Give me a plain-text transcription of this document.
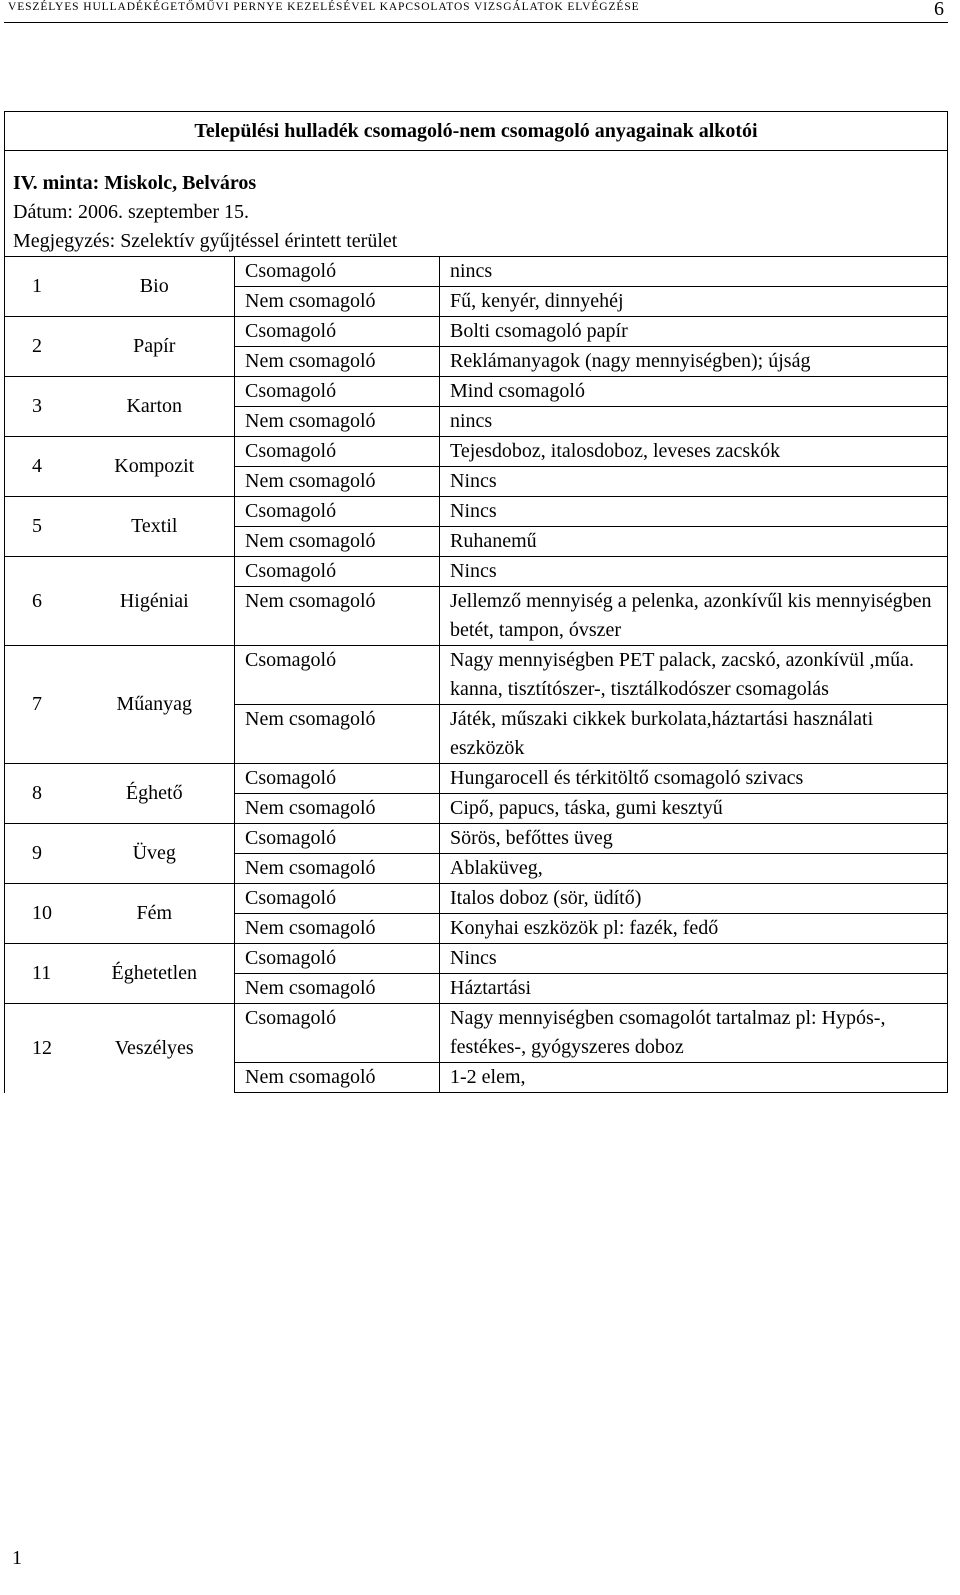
VESZÉLYES HULLADÉKÉGETŐMŰVI PERNYE KEZELÉSÉVEL KAPCSOLATOS VIZSGÁLATOK ELVÉGZÉSE	6
Települési hulladék csomagoló-nem csomagoló anyagainak alkotói			
IV. minta: Miskolc, Belváros			
Dátum: 2006. szeptember 15.			
Megjegyzés: Szelektív gyűjtéssel érintett terület			
1	Bio	Csomagoló	nincs
		Nem csomagoló	Fű, kenyér, dinnyehéj
2	Papír	Csomagoló	Bolti csomagoló papír
		Nem csomagoló	Reklámanyagok (nagy mennyiségben); újság
3	Karton	Csomagoló	Mind csomagoló
		Nem csomagoló	nincs
4	Kompozit	Csomagoló	Tejesdoboz, italosdoboz, leveses zacskók
		Nem csomagoló	Nincs
5	Textil	Csomagoló	Nincs
		Nem csomagoló	Ruhanemű
6	Higéniai	Csomagoló	Nincs
		Nem csomagoló	Jellemző mennyiség a pelenka, azonkívűl kis mennyiségben betét, tampon, óvszer
7	Műanyag	Csomagoló	Nagy mennyiségben PET palack, zacskó, azonkívül ,műa. kanna, tisztítószer-, tisztálkodószer csomagolás
		Nem csomagoló	Játék, műszaki cikkek burkolata,háztartási használati eszközök
8	Éghető	Csomagoló	Hungarocell és térkitöltő csomagoló szivacs
		Nem csomagoló	Cipő, papucs, táska, gumi kesztyű
9	Üveg	Csomagoló	Sörös, befőttes üveg
		Nem csomagoló	Ablaküveg,
10	Fém	Csomagoló	Italos doboz (sör, üdítő)
		Nem csomagoló	Konyhai eszközök pl: fazék, fedő
11	Éghetetlen	Csomagoló	Nincs
		Nem csomagoló	Háztartási
12	Veszélyes	Csomagoló	Nagy mennyiségben csomagolót tartalmaz pl: Hypós-, festékes-, gyógyszeres doboz
		Nem csomagoló	1-2 elem,
1
